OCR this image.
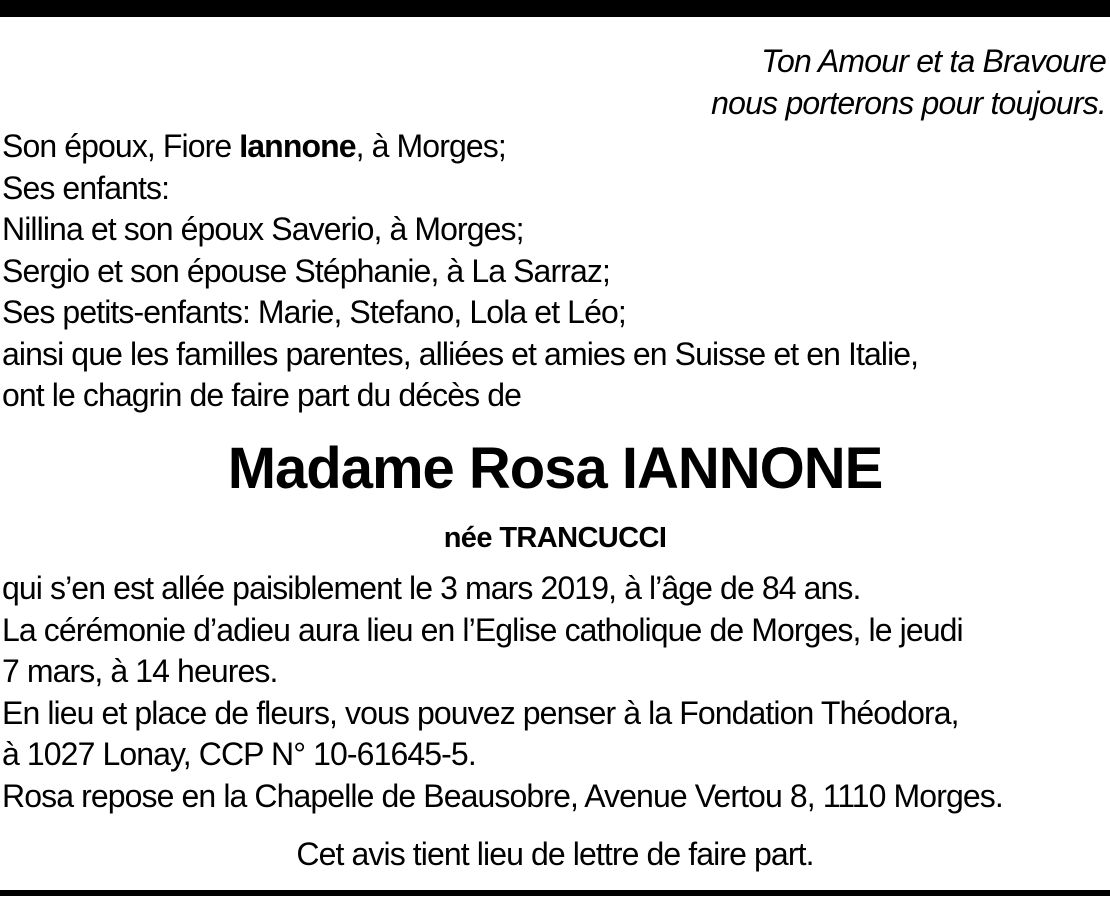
Ton Amour et ta Bravoure
nous porterons pour toujours.
Son époux, Fiore Iannone, à Morges;
Ses enfants:
Nillina et son époux Saverio, à Morges;
Sergio et son épouse Stéphanie, à La Sarraz;
Ses petits-enfants: Marie, Stefano, Lola et Léo;
ainsi que les familles parentes, alliées et amies en Suisse et en Italie,
ont le chagrin de faire part du décès de
Madame Rosa IANNONE
née TRANCUCCI
qui s’en est allée paisiblement le 3 mars 2019, à l’âge de 84 ans.
La cérémonie d’adieu aura lieu en l’Eglise catholique de Morges, le jeudi
7 mars, à 14 heures.
En lieu et place de fleurs, vous pouvez penser à la Fondation Théodora,
à 1027 Lonay, CCP N° 10-61645-5.
Rosa repose en la Chapelle de Beausobre, Avenue Vertou 8, 1110 Morges.
Cet avis tient lieu de lettre de faire part.
